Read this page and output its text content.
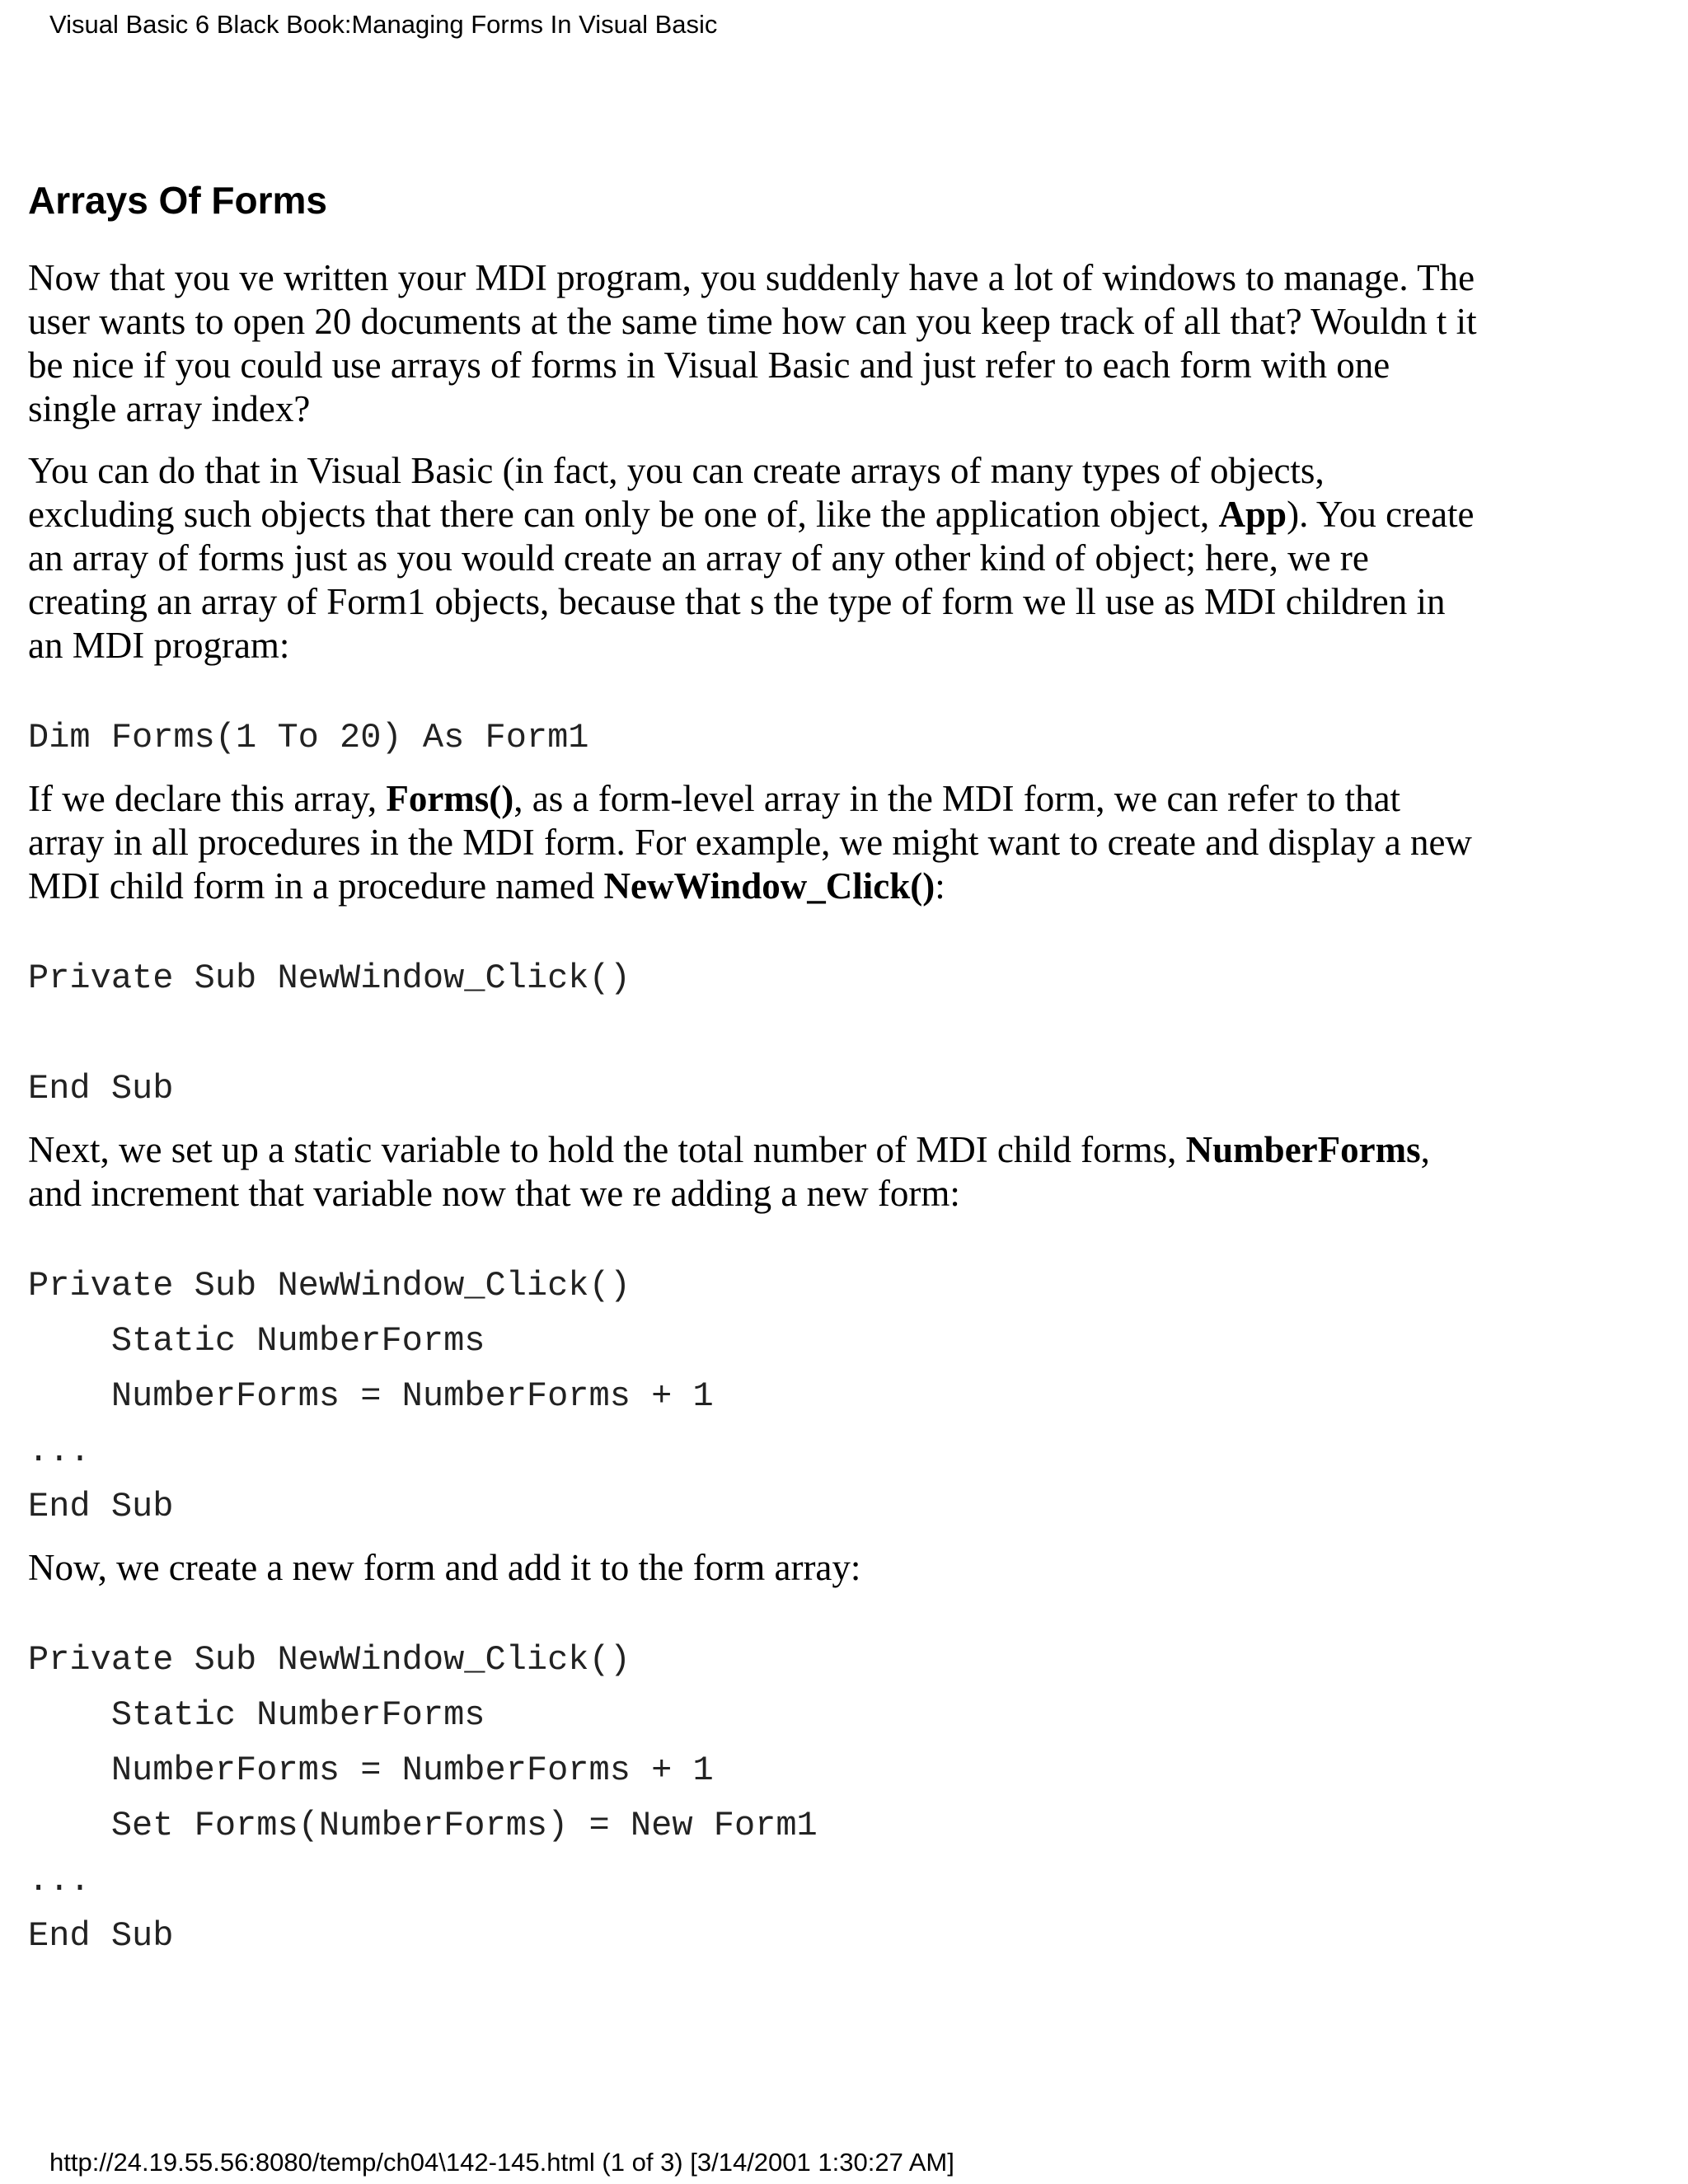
Visual Basic 6 Black Book:Managing Forms In Visual Basic
Arrays Of Forms

Now that you ve written your MDI program, you suddenly have a lot of windows to manage. The user wants to open 20 documents at the same time how can you keep track of all that? Wouldn t it be nice if you could use arrays of forms in Visual Basic and just refer to each form with one single array index?

You can do that in Visual Basic (in fact, you can create arrays of many types of objects, excluding such objects that there can only be one of, like the application object, App). You create an array of forms just as you would create an array of any other kind of object; here, we re creating an array of Form1 objects, because that s the type of form we ll use as MDI children in an MDI program:

Dim Forms(1 To 20) As Form1

If we declare this array, Forms(), as a form-level array in the MDI form, we can refer to that array in all procedures in the MDI form. For example, we might want to create and display a new MDI child form in a procedure named NewWindow_Click():

Private Sub NewWindow_Click()
End Sub

Next, we set up a static variable to hold the total number of MDI child forms, NumberForms, and increment that variable now that we re adding a new form:

Private Sub NewWindow_Click()
Static NumberForms
NumberForms = NumberForms + 1
...
End Sub

Now, we create a new form and add it to the form array:

Private Sub NewWindow_Click()
Static NumberForms
NumberForms = NumberForms + 1
Set Forms(NumberForms) = New Form1
...
End Sub
http://24.19.55.56:8080/temp/ch04\142-145.html (1 of 3) [3/14/2001 1:30:27 AM]
